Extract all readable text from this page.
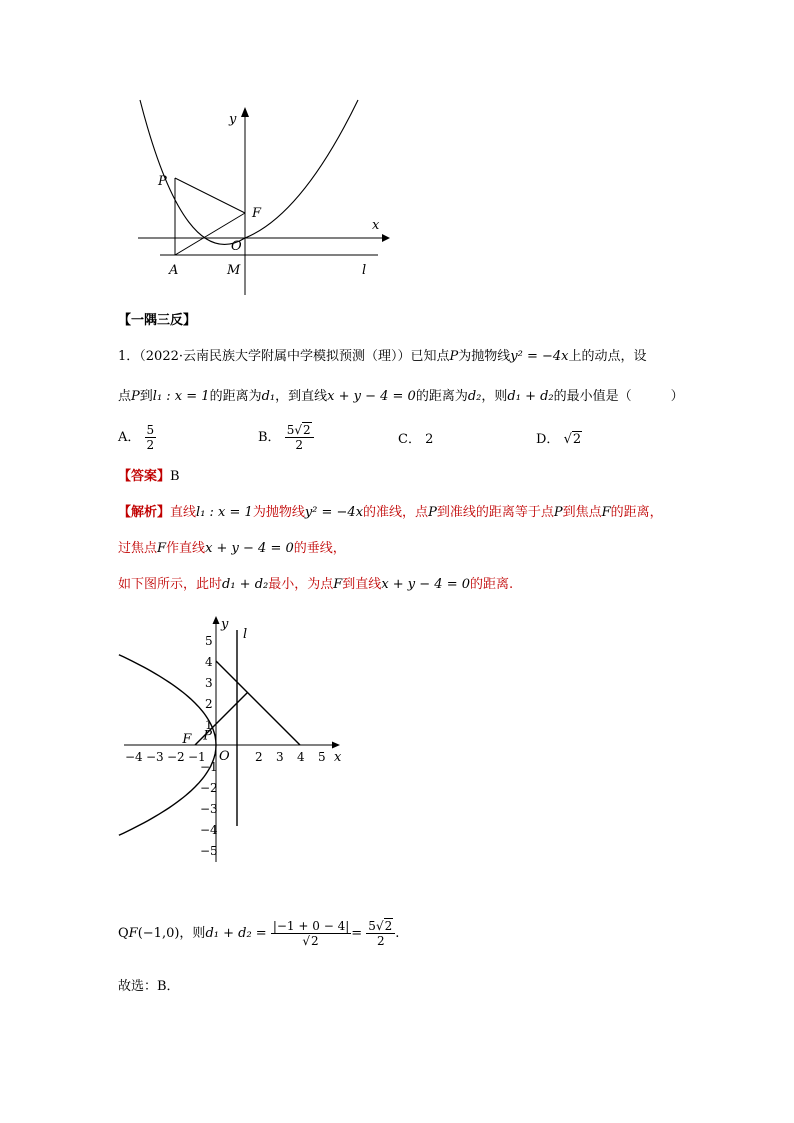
y
x
P
F
O
A	M	l
【一隅三反】
1．（2022·云南民族大学附属中学模拟预测（理））已知点P为抛物线y² = −4x上的动点，设
点P到l₁ : x = 1的距离为d₁，到直线x + y − 4 = 0的距离为d₂，则d₁ + d₂的最小值是（　　　）
A． $\frac{5}{2}$	B． $\frac{5√2}{2}$	C． 2	D． √2
【答案】B
【解析】直线l₁ : x = 1为抛物线y² = −4x的准线，点P到准线的距离等于点P到焦点F的距离，
过焦点F作直线x + y − 4 = 0的垂线，
如下图所示，此时d₁ + d₂最小，为点F到直线x + y − 4 = 0的距离.
−4 −3 −2 −1	2 3 4 5
5
4
3
2
1
−1
−2
−3
−4
−5
y
x
l
P
F
O
QF(−1,0)，则$d_1 + d_2 = \frac{|-1 + 0 - 4|}{√2} = \frac{5√2}{2}$ .
故选：B．
